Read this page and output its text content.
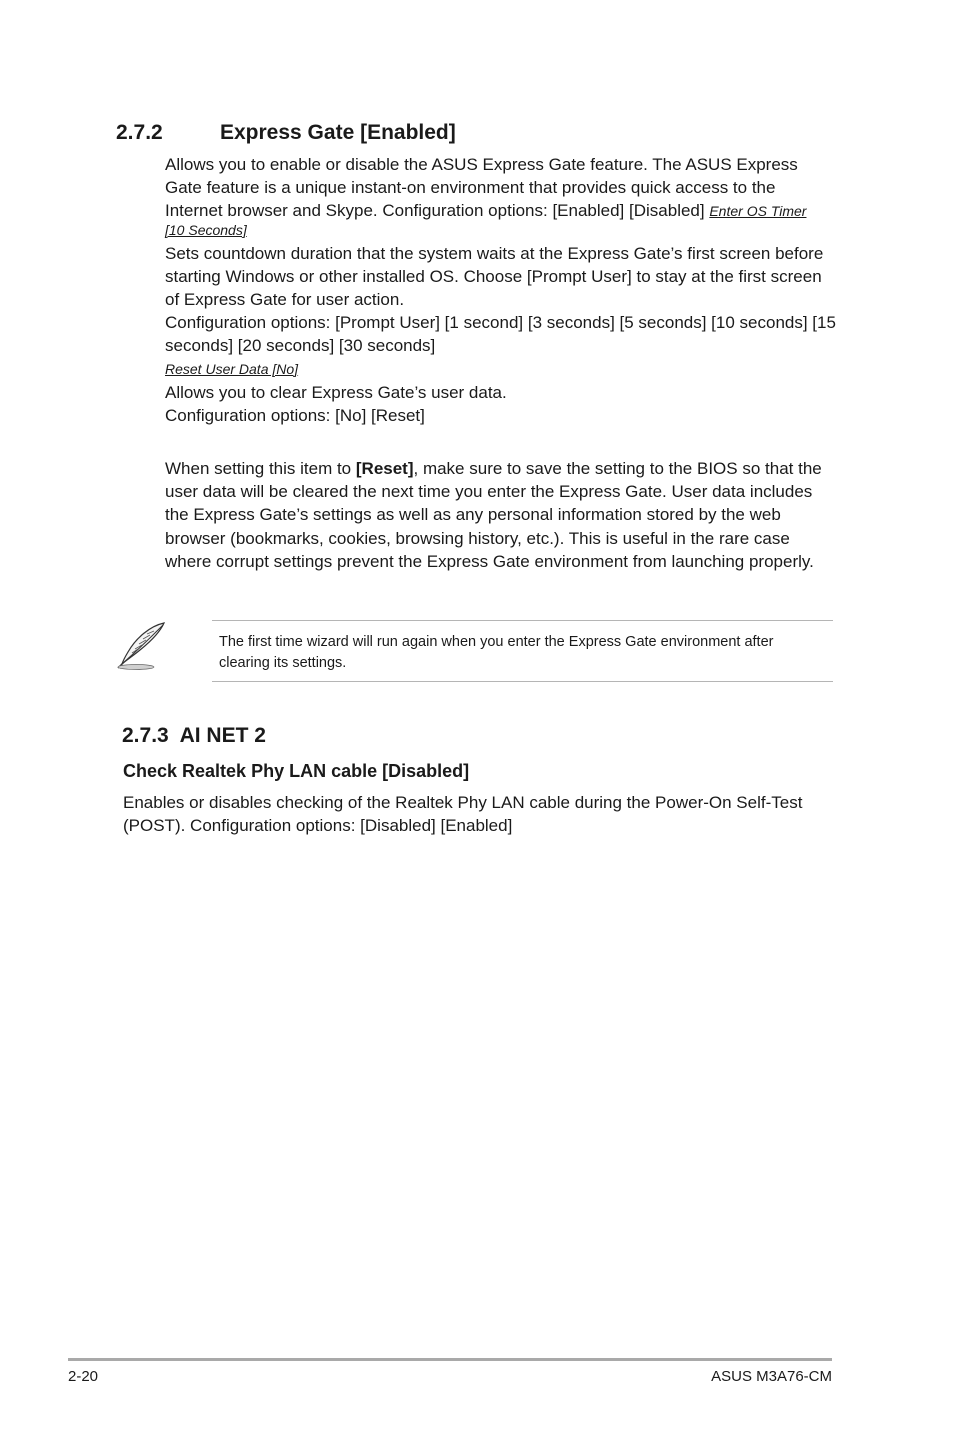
2.7.2	Express Gate [Enabled]
Allows you to enable or disable the ASUS Express Gate feature. The ASUS Express Gate feature is a unique instant-on environment that provides quick access to the Internet browser and Skype. Configuration options: [Enabled] [Disabled] Enter OS Timer
[10 Seconds]
Sets countdown duration that the system waits at the Express Gate’s first screen before starting Windows or other installed OS. Choose [Prompt User] to stay at the first screen of Express Gate for user action.
Configuration options: [Prompt User] [1 second] [3 seconds] [5 seconds] [10 seconds] [15 seconds] [20 seconds] [30 seconds]
Reset User Data [No]
Allows you to clear Express Gate’s user data.
Configuration options: [No] [Reset]
When setting this item to [Reset], make sure to save the setting to the BIOS so that the user data will be cleared the next time you enter the Express Gate. User data includes the Express Gate’s settings as well as any personal information stored by the web browser (bookmarks, cookies, browsing history, etc.). This is useful in the rare case where corrupt settings prevent the Express Gate environment from launching properly.
The first time wizard will run again when you enter the Express Gate environment after clearing its settings.
2.7.3  AI NET 2
Check Realtek Phy LAN cable [Disabled]
Enables or disables checking of the Realtek Phy LAN cable during the Power-On Self-Test (POST). Configuration options: [Disabled] [Enabled]
2-20	ASUS M3A76-CM
